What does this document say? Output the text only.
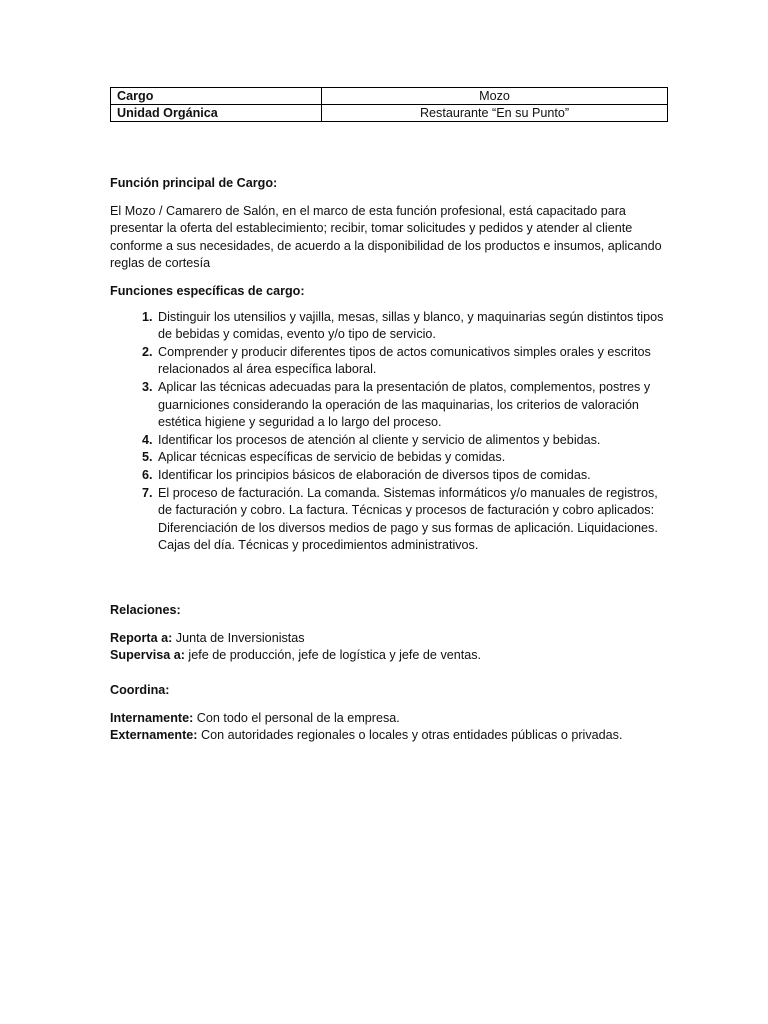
Cargo	Mozo
Unidad Orgánica	Restaurante “En su Punto”
Función principal de Cargo:

El Mozo / Camarero de Salón, en el marco de esta función profesional, está capacitado para presentar la oferta del establecimiento; recibir, tomar solicitudes y pedidos y atender al cliente conforme a sus necesidades, de acuerdo a la disponibilidad de los productos e insumos, aplicando reglas de cortesía

Funciones específicas de cargo:
1. Distinguir los utensilios y vajilla, mesas, sillas y blanco, y maquinarias según distintos tipos de bebidas y comidas, evento y/o tipo de servicio.
2. Comprender y producir diferentes tipos de actos comunicativos simples orales y escritos relacionados al área específica laboral.
3. Aplicar las técnicas adecuadas para la presentación de platos, complementos, postres y guarniciones considerando la operación de las maquinarias, los criterios de valoración estética higiene y seguridad a lo largo del proceso.
4. Identificar los procesos de atención al cliente y servicio de alimentos y bebidas.
5. Aplicar técnicas específicas de servicio de bebidas y comidas.
6. Identificar los principios básicos de elaboración de diversos tipos de comidas.
7. El proceso de facturación. La comanda. Sistemas informáticos y/o manuales de registros, de facturación y cobro. La factura. Técnicas y procesos de facturación y cobro aplicados: Diferenciación de los diversos medios de pago y sus formas de aplicación. Liquidaciones. Cajas del día. Técnicas y procedimientos administrativos.
Relaciones:
Reporta a: Junta de Inversionistas
Supervisa a: jefe de producción, jefe de logística y jefe de ventas.
Coordina:
Internamente: Con todo el personal de la empresa.
Externamente: Con autoridades regionales o locales y otras entidades públicas o privadas.
